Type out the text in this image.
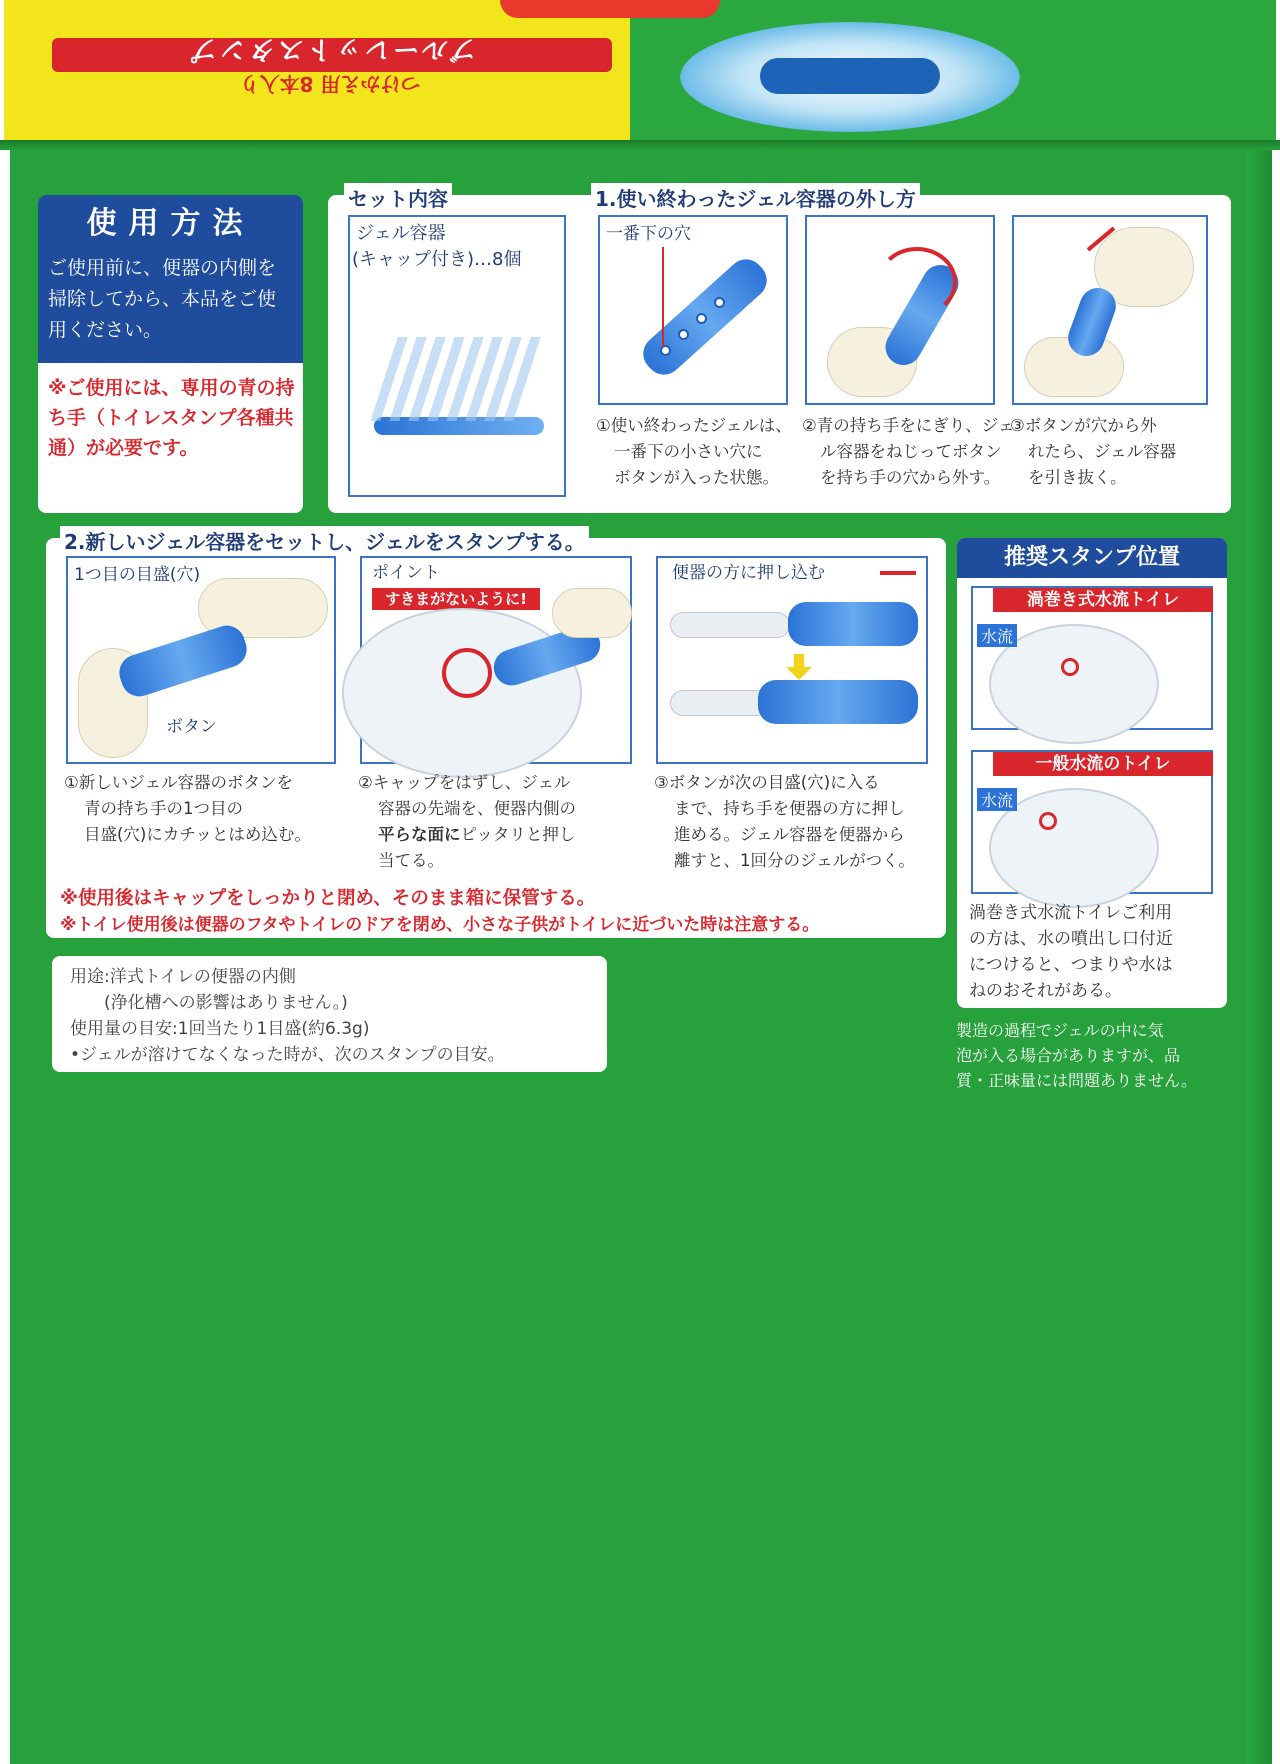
ブルーレットスタンプ
つけかえ用 8本入り
使用方法
ご使用前に、便器の内側を掃除してから、本品をご使用ください。
※ご使用には、専用の青の持ち手（トイレスタンプ各種共通）が必要です。
セット内容	1.使い終わったジェル容器の外し方
ジェル容器
(キャップ付き)…8個
一番下の穴
①使い終わったジェルは、
一番下の小さい穴に
ボタンが入った状態。
②青の持ち手をにぎり、ジェ
ル容器をねじってボタン
を持ち手の穴から外す。
③ボタンが穴から外
れたら、ジェル容器
を引き抜く。
2.新しいジェル容器をセットし、ジェルをスタンプする。
1つ目の目盛(穴)
ボタン
ポイント
すきまがないように!
便器の方に押し込む
①新しいジェル容器のボタンを
青の持ち手の1つ目の
目盛(穴)にカチッとはめ込む。
②キャップをはずし、ジェル
容器の先端を、便器内側の
平らな面にピッタリと押し
当てる。
③ボタンが次の目盛(穴)に入る
まで、持ち手を便器の方に押し
進める。ジェル容器を便器から
離すと、1回分のジェルがつく。
※使用後はキャップをしっかりと閉め、そのまま箱に保管する。
※トイレ使用後は便器のフタやトイレのドアを閉め、小さな子供がトイレに近づいた時は注意する。
推奨スタンプ位置
渦巻き式水流トイレ
水流
一般水流のトイレ
水流
渦巻き式水流トイレご利用
の方は、水の噴出し口付近
につけると、つまりや水は
ねのおそれがある。
用途:洋式トイレの便器の内側
(浄化槽への影響はありません。)
使用量の目安:1回当たり1目盛(約6.3g)
•ジェルが溶けてなくなった時が、次のスタンプの目安。
製造の過程でジェルの中に気
泡が入る場合がありますが、品
質・正味量には問題ありません。
